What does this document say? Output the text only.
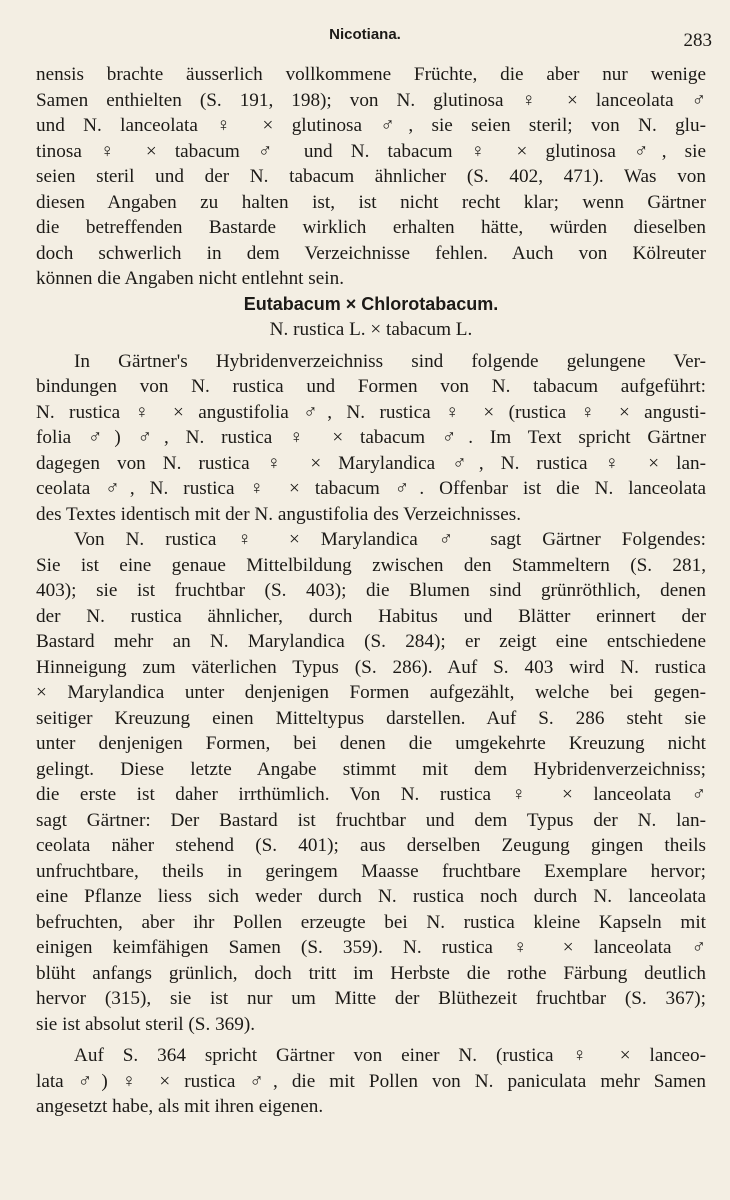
Nicotiana.	283
nensis brachte äusserlich vollkommene Früchte, die aber nur wenige
Samen enthielten (S. 191, 198); von N. glutinosa ♀ × lanceolata ♂
und N. lanceolata ♀ × glutinosa ♂, sie seien steril; von N. glu-
tinosa ♀ × tabacum ♂ und N. tabacum ♀ × glutinosa ♂, sie
seien steril und der N. tabacum ähnlicher (S. 402, 471). Was von
diesen Angaben zu halten ist, ist nicht recht klar; wenn Gärtner
die betreffenden Bastarde wirklich erhalten hätte, würden dieselben
doch schwerlich in dem Verzeichnisse fehlen. Auch von Kölreuter
können die Angaben nicht entlehnt sein.
Eutabacum × Chlorotabacum.
N. rustica L. × tabacum L.
In Gärtner's Hybridenverzeichniss sind folgende gelungene Ver-
bindungen von N. rustica und Formen von N. tabacum aufgeführt:
N. rustica ♀ × angustifolia ♂, N. rustica ♀ × (rustica ♀ × angusti-
folia ♂) ♂, N. rustica ♀ × tabacum ♂. Im Text spricht Gärtner
dagegen von N. rustica ♀ × Marylandica ♂, N. rustica ♀ × lan-
ceolata ♂, N. rustica ♀ × tabacum ♂. Offenbar ist die N. lanceolata
des Textes identisch mit der N. angustifolia des Verzeichnisses.
Von N. rustica ♀ × Marylandica ♂ sagt Gärtner Folgendes:
Sie ist eine genaue Mittelbildung zwischen den Stammeltern (S. 281,
403); sie ist fruchtbar (S. 403); die Blumen sind grünröthlich, denen
der N. rustica ähnlicher, durch Habitus und Blätter erinnert der
Bastard mehr an N. Marylandica (S. 284); er zeigt eine entschiedene
Hinneigung zum väterlichen Typus (S. 286). Auf S. 403 wird N. rustica
× Marylandica unter denjenigen Formen aufgezählt, welche bei gegen-
seitiger Kreuzung einen Mitteltypus darstellen. Auf S. 286 steht sie
unter denjenigen Formen, bei denen die umgekehrte Kreuzung nicht
gelingt. Diese letzte Angabe stimmt mit dem Hybridenverzeichniss;
die erste ist daher irrthümlich. Von N. rustica ♀ × lanceolata ♂
sagt Gärtner: Der Bastard ist fruchtbar und dem Typus der N. lan-
ceolata näher stehend (S. 401); aus derselben Zeugung gingen theils
unfruchtbare, theils in geringem Maasse fruchtbare Exemplare hervor;
eine Pflanze liess sich weder durch N. rustica noch durch N. lanceolata
befruchten, aber ihr Pollen erzeugte bei N. rustica kleine Kapseln mit
einigen keimfähigen Samen (S. 359). N. rustica ♀ × lanceolata ♂
blüht anfangs grünlich, doch tritt im Herbste die rothe Färbung deutlich
hervor (315), sie ist nur um Mitte der Blüthezeit fruchtbar (S. 367);
sie ist absolut steril (S. 369).
Auf S. 364 spricht Gärtner von einer N. (rustica ♀ × lanceo-
lata ♂) ♀ × rustica ♂, die mit Pollen von N. paniculata mehr Samen
angesetzt habe, als mit ihren eigenen.
